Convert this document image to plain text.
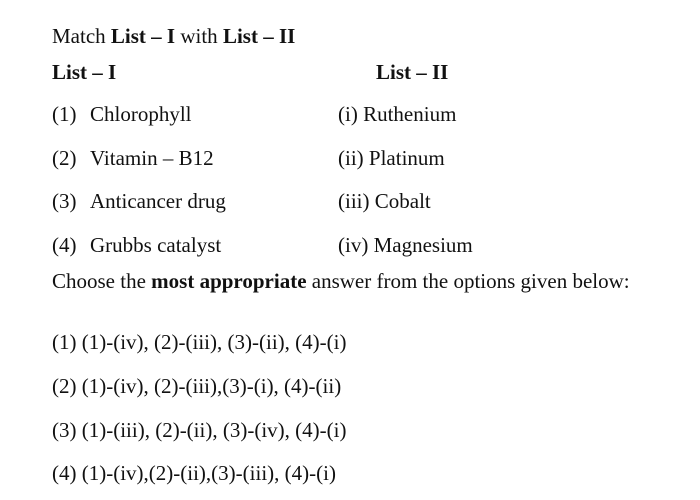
Match List – I with List – II
List – I	List – II
(1) Chlorophyll
(2) Vitamin – B12
(3) Anticancer drug
(4) Grubbs catalyst
(i) Ruthenium
(ii) Platinum
(iii) Cobalt
(iv) Magnesium
Choose the most appropriate answer from the options given below:
(1) (1)-(iv), (2)-(iii), (3)-(ii), (4)-(i)
(2) (1)-(iv), (2)-(iii),(3)-(i), (4)-(ii)
(3) (1)-(iii), (2)-(ii), (3)-(iv), (4)-(i)
(4) (1)-(iv),(2)-(ii),(3)-(iii), (4)-(i)
